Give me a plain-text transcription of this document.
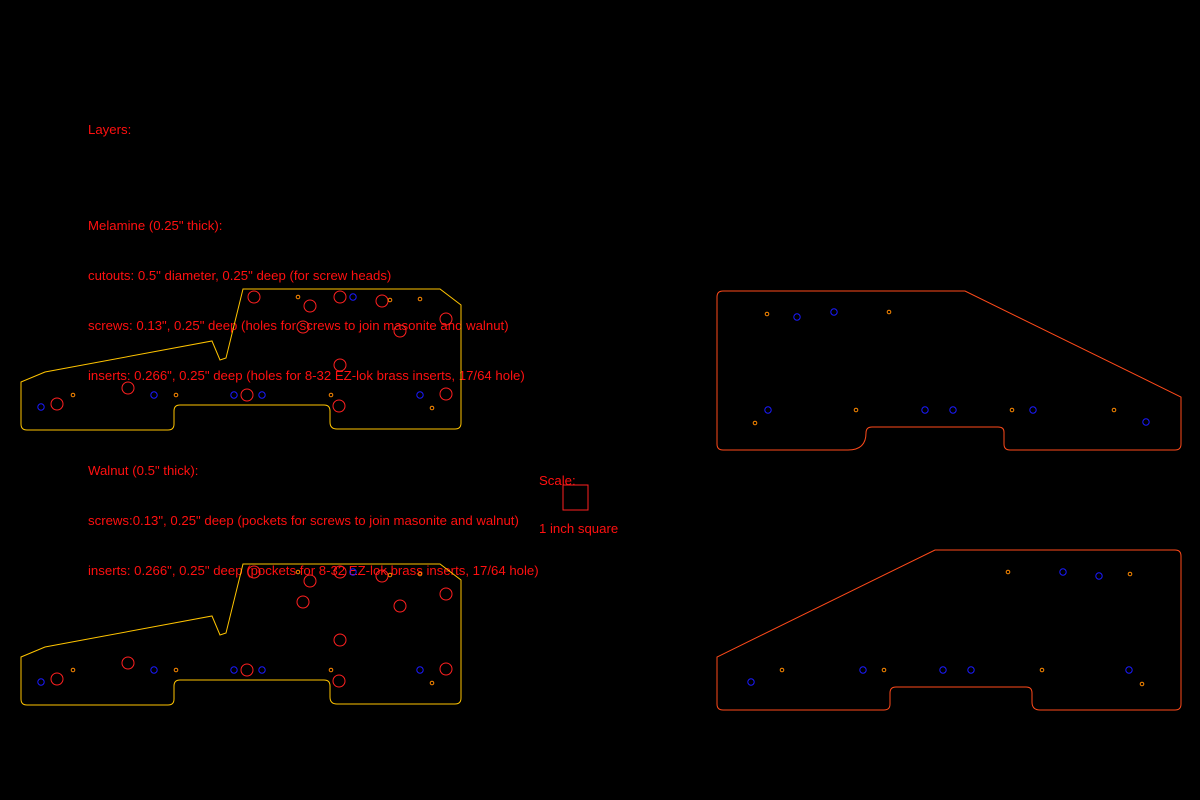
Layers:

Melamine (0.25" thick):

cutouts: 0.5" diameter, 0.25" deep (for screw heads)

screws: 0.13", 0.25" deep (holes for screws to join masonite and walnut)

inserts: 0.266", 0.25" deep (holes for 8-32 EZ-lok brass inserts, 17/64 hole)

Walnut (0.5" thick):

screws:0.13", 0.25" deep (pockets for screws to join masonite and walnut)

inserts: 0.266", 0.25" deep (pockets for 8-32 EZ-lok brass inserts, 17/64 hole)

Scale:

1 inch square
